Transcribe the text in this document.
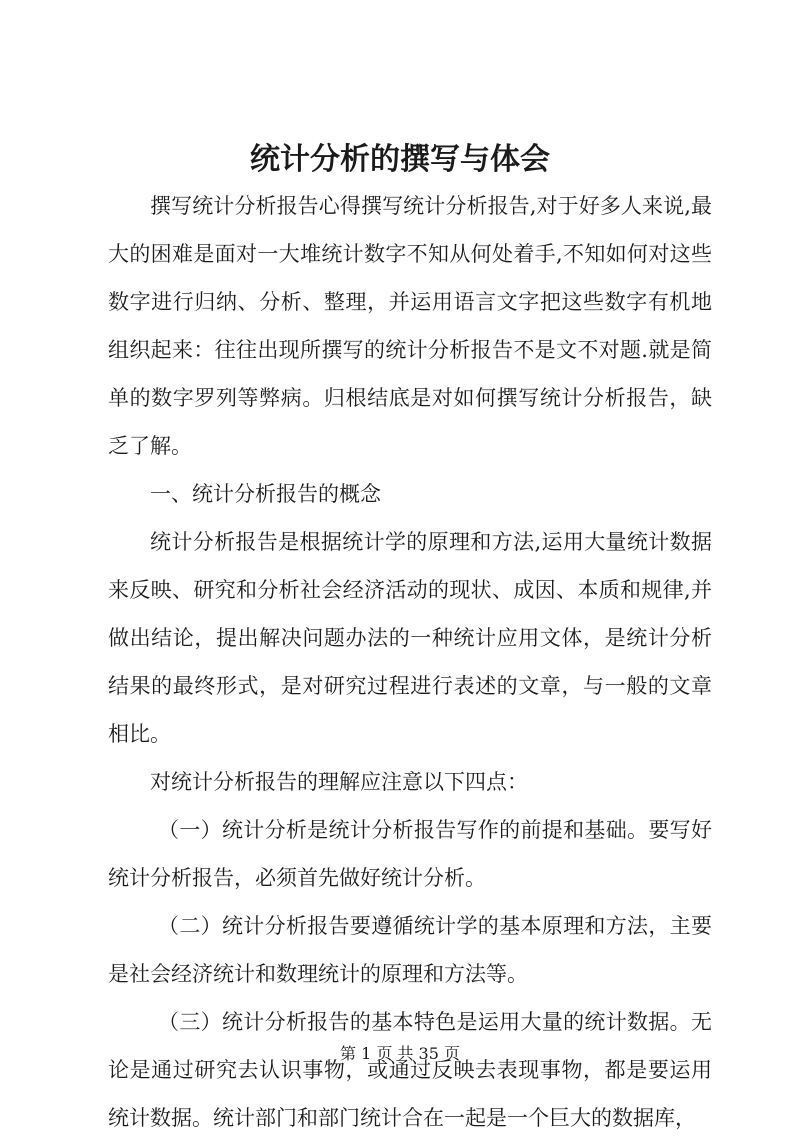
统计分析的撰写与体会

撰写统计分析报告心得撰写统计分析报告,对于好多人来说,最大的困难是面对一大堆统计数字不知从何处着手,不知如何对这些数字进行归纳、分析、整理，并运用语言文字把这些数字有机地组织起来：往往出现所撰写的统计分析报告不是文不对题.就是简单的数字罗列等弊病。归根结底是对如何撰写统计分析报告，缺乏了解。

一、统计分析报告的概念

统计分析报告是根据统计学的原理和方法,运用大量统计数据来反映、研究和分析社会经济活动的现状、成因、本质和规律,并做出结论，提出解决问题办法的一种统计应用文体，是统计分析结果的最终形式，是对研究过程进行表述的文章，与一般的文章相比。

对统计分析报告的理解应注意以下四点：

（一）统计分析是统计分析报告写作的前提和基础。要写好统计分析报告，必须首先做好统计分析。

（二）统计分析报告要遵循统计学的基本原理和方法，主要是社会经济统计和数理统计的原理和方法等。

（三）统计分析报告的基本特色是运用大量的统计数据。无论是通过研究去认识事物，或通过反映去表现事物，都是要运用统计数据。统计部门和部门统计合在一起是一个巨大的数据库，

第 1 页 共 35 页
